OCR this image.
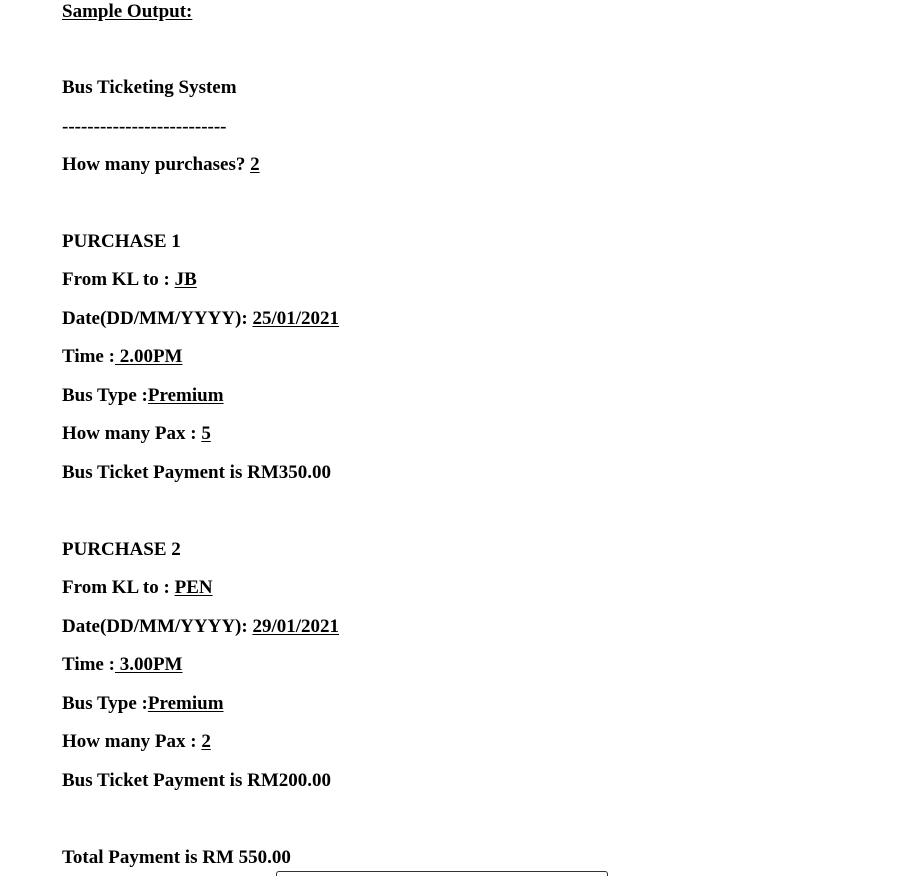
Sample Output:
Bus Ticketing System
--------------------------
How many purchases? 2
PURCHASE 1
From KL to : JB
Date(DD/MM/YYYY): 25/01/2021
Time : 2.00PM
Bus Type :Premium
How many Pax : 5
Bus Ticket Payment is RM350.00
PURCHASE 2
From KL to : PEN
Date(DD/MM/YYYY): 29/01/2021
Time : 3.00PM
Bus Type :Premium
How many Pax : 2
Bus Ticket Payment is RM200.00
Total Payment is RM 550.00
